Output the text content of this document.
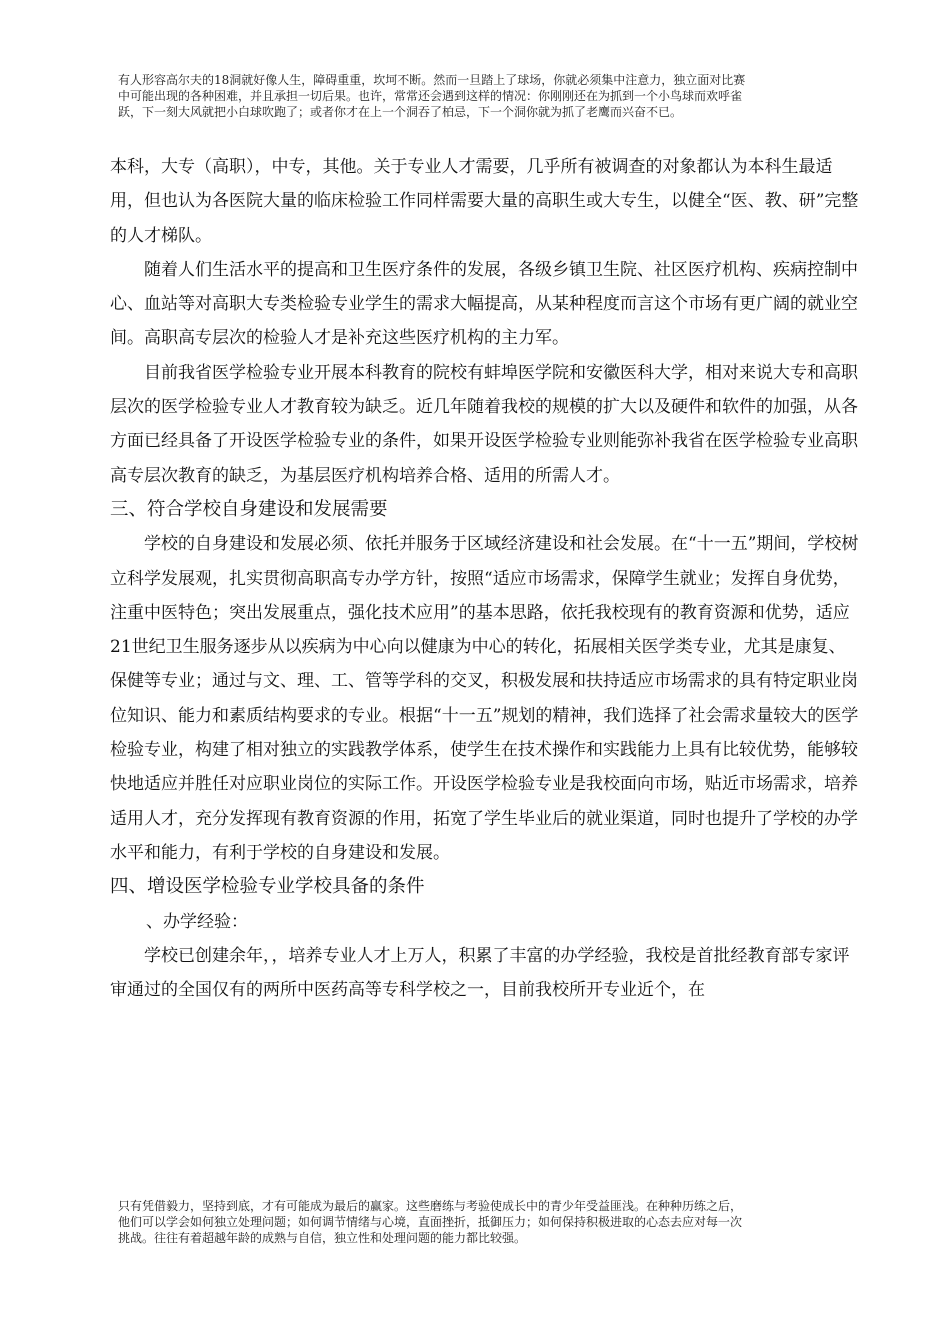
有人形容高尔夫的18洞就好像人生，障碍重重，坎坷不断。然而一旦踏上了球场，你就必须集中注意力，独立面对比赛

中可能出现的各种困难，并且承担一切后果。也许，常常还会遇到这样的情况：你刚刚还在为抓到一个小鸟球而欢呼雀

跃，下一刻大风就把小白球吹跑了；或者你才在上一个洞吞了柏忌，下一个洞你就为抓了老鹰而兴奋不已。

本科，大专（高职），中专，其他。关于专业人才需要，几乎所有被调查的对象都认为本科生最适用，但也认为各医院大量的临床检验工作同样需要大量的高职生或大专生，以健全“医、教、研”完整的人才梯队。

随着人们生活水平的提高和卫生医疗条件的发展，各级乡镇卫生院、社区医疗机构、疾病控制中心、血站等对高职大专类检验专业学生的需求大幅提高，从某种程度而言这个市场有更广阔的就业空间。高职高专层次的检验人才是补充这些医疗机构的主力军。

目前我省医学检验专业开展本科教育的院校有蚌埠医学院和安徽医科大学，相对来说大专和高职层次的医学检验专业人才教育较为缺乏。近几年随着我校的规模的扩大以及硬件和软件的加强，从各方面已经具备了开设医学检验专业的条件，如果开设医学检验专业则能弥补我省在医学检验专业高职高专层次教育的缺乏，为基层医疗机构培养合格、适用的所需人才。

三、符合学校自身建设和发展需要

学校的自身建设和发展必须、依托并服务于区域经济建设和社会发展。在“十一五”期间，学校树立科学发展观，扎实贯彻高职高专办学方针，按照“适应市场需求，保障学生就业；发挥自身优势，注重中医特色；突出发展重点，强化技术应用”的基本思路，依托我校现有的教育资源和优势，适应21世纪卫生服务逐步从以疾病为中心向以健康为中心的转化，拓展相关医学类专业，尤其是康复、保健等专业；通过与文、理、工、管等学科的交叉，积极发展和扶持适应市场需求的具有特定职业岗位知识、能力和素质结构要求的专业。根据“十一五”规划的精神，我们选择了社会需求量较大的医学检验专业，构建了相对独立的实践教学体系，使学生在技术操作和实践能力上具有比较优势，能够较快地适应并胜任对应职业岗位的实际工作。开设医学检验专业是我校面向市场，贴近市场需求，培养适用人才，充分发挥现有教育资源的作用，拓宽了学生毕业后的就业渠道，同时也提升了学校的办学水平和能力，有利于学校的自身建设和发展。

四、增设医学检验专业学校具备的条件

、办学经验：

学校已创建余年，，培养专业人才上万人，积累了丰富的办学经验，我校是首批经教育部专家评审通过的全国仅有的两所中医药高等专科学校之一，目前我校所开专业近个，在

只有凭借毅力，坚持到底，才有可能成为最后的赢家。这些磨练与考验使成长中的青少年受益匪浅。在种种历练之后，

他们可以学会如何独立处理问题；如何调节情绪与心境，直面挫折，抵御压力；如何保持积极进取的心态去应对每一次

挑战。往往有着超越年龄的成熟与自信，独立性和处理问题的能力都比较强。
